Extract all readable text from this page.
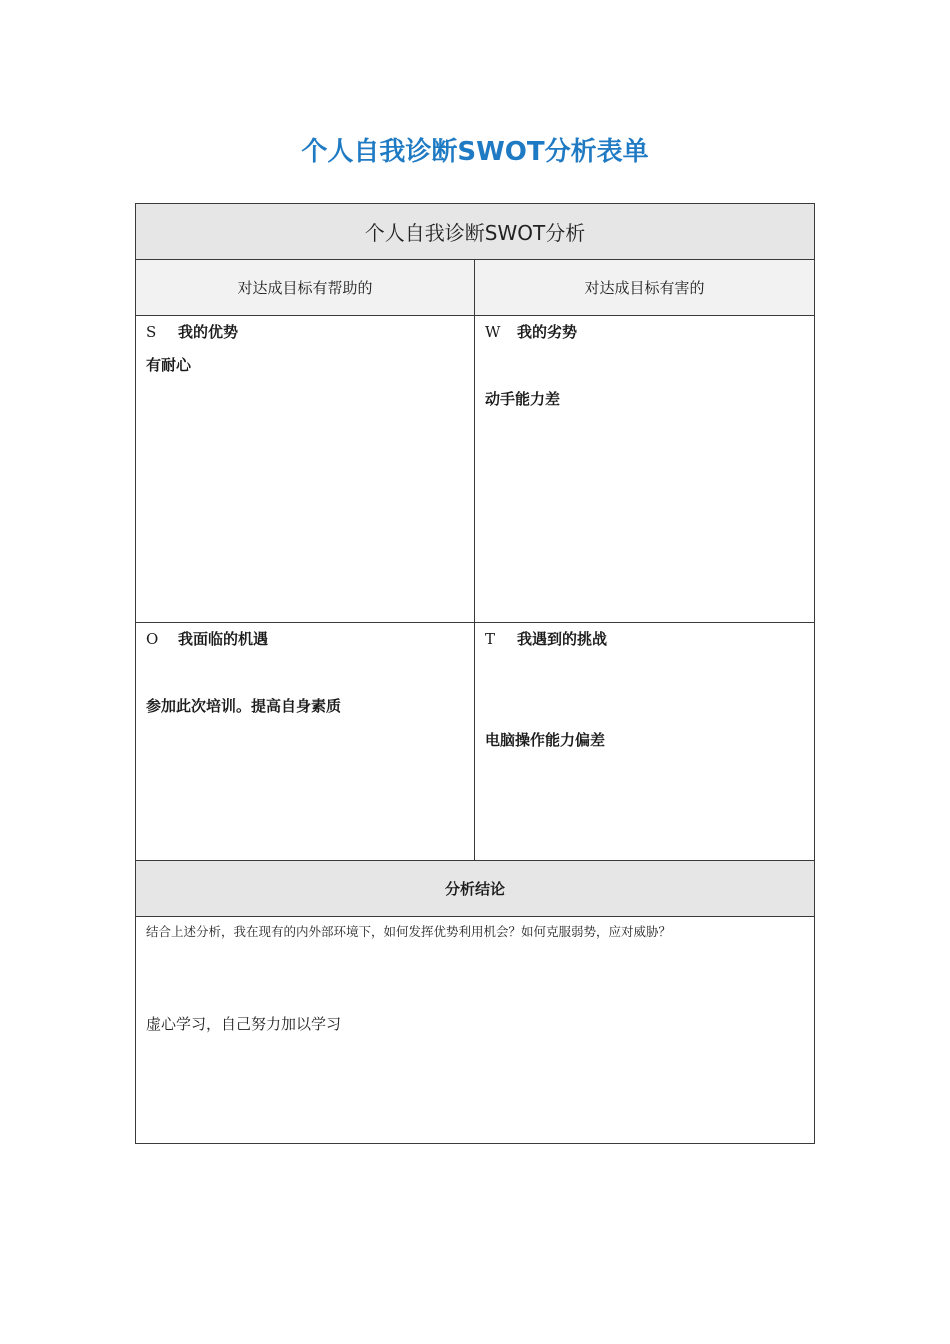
个人自我诊断SWOT分析表单
个人自我诊断SWOT分析
对达成目标有帮助的	对达成目标有害的
S 我的优势
有耐心
W 我的劣势
动手能力差
O 我面临的机遇
参加此次培训。提高自身素质
T 我遇到的挑战
电脑操作能力偏差
分析结论
结合上述分析，我在现有的内外部环境下，如何发挥优势利用机会？如何克服弱势，应对威胁？
虚心学习，自己努力加以学习
